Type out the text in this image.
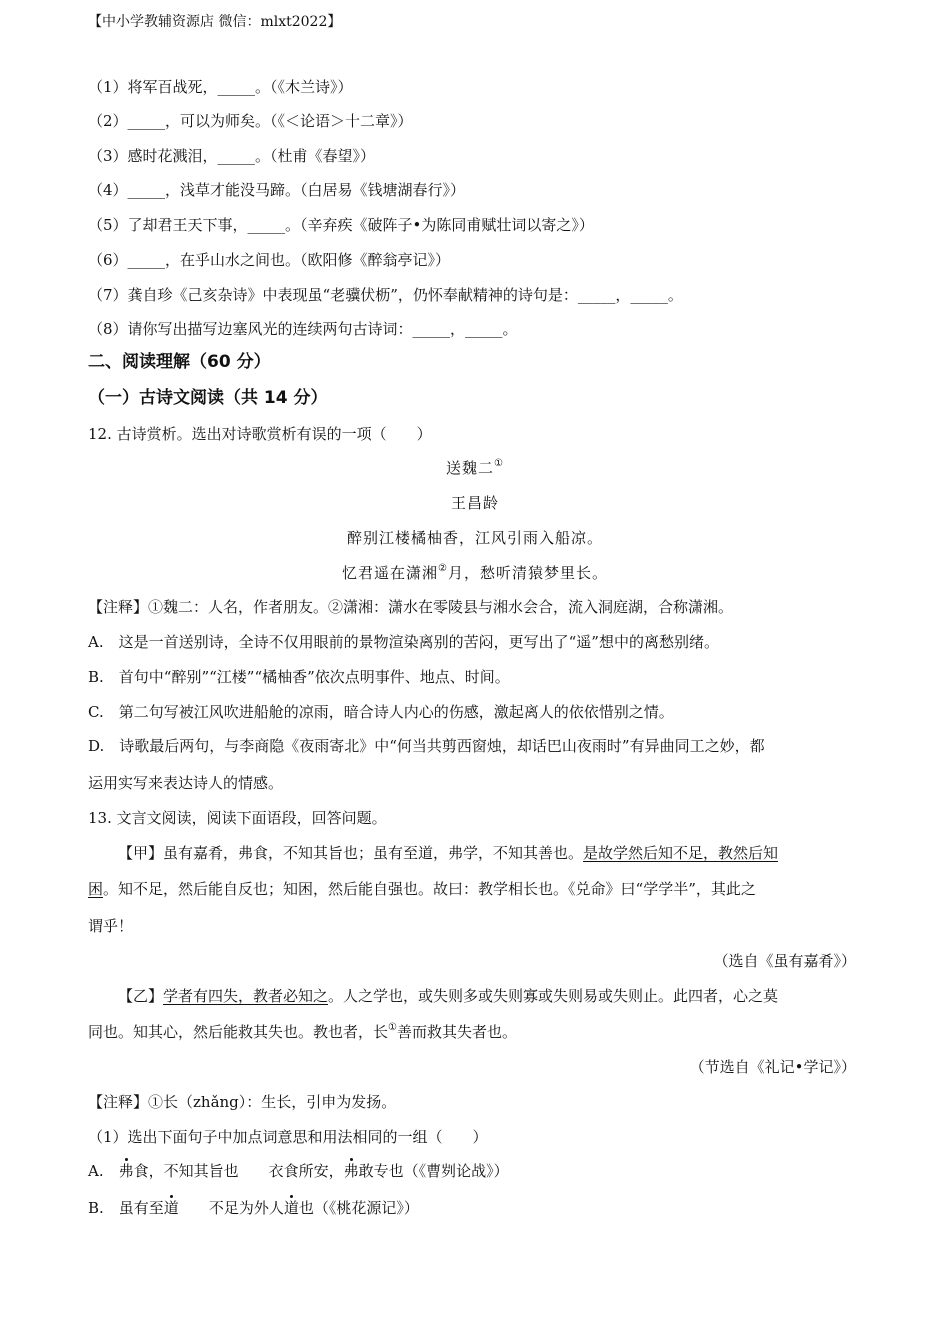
【中小学教辅资源店 微信：mlxt2022】
（1）将军百战死，_____。（《木兰诗》）
（2）_____，可以为师矣。（《＜论语＞十二章》）
（3）感时花溅泪，_____。（杜甫《春望》）
（4）_____，浅草才能没马蹄。（白居易《钱塘湖春行》）
（5）了却君王天下事，_____。（辛弃疾《破阵子•为陈同甫赋壮词以寄之》）
（6）_____，在乎山水之间也。（欧阳修《醉翁亭记》）
（7）龚自珍《己亥杂诗》中表现虽“老骥伏枥”，仍怀奉献精神的诗句是：_____，_____。
（8）请你写出描写边塞风光的连续两句古诗词：_____，_____。
二、阅读理解（60 分）
（一）古诗文阅读（共 14 分）
12. 古诗赏析。选出对诗歌赏析有误的一项（　　）
送魏二①
王昌龄
醉别江楼橘柚香，江风引雨入船凉。
忆君遥在潇湘②月，愁听清猿梦里长。
【注释】①魏二：人名，作者朋友。②潇湘：潇水在零陵县与湘水会合，流入洞庭湖，合称潇湘。
A.　这是一首送别诗，全诗不仅用眼前的景物渲染离别的苦闷，更写出了“遥”想中的离愁别绪。
B.　首句中“醉别”“江楼”“橘柚香”依次点明事件、地点、时间。
C.　第二句写被江风吹进船舱的凉雨，暗合诗人内心的伤感，激起离人的依依惜别之情。
D.　诗歌最后两句，与李商隐《夜雨寄北》中“何当共剪西窗烛，却话巴山夜雨时”有异曲同工之妙，都
运用实写来表达诗人的情感。
13. 文言文阅读，阅读下面语段，回答问题。
【甲】虽有嘉肴，弗食，不知其旨也；虽有至道，弗学，不知其善也。是故学然后知不足，教然后知
困。知不足，然后能自反也；知困，然后能自强也。故曰：教学相长也。《兑命》曰“学学半”，其此之
谓乎！
（选自《虽有嘉肴》）
【乙】学者有四失，教者必知之。人之学也，或失则多或失则寡或失则易或失则止。此四者，心之莫
同也。知其心，然后能救其失也。教也者，长①善而救其失者也。
（节选自《礼记•学记》）
【注释】①长（zhǎng）：生长，引申为发扬。
（1）选出下面句子中加点词意思和用法相同的一组（　　）
A.　弗食，不知其旨也　　衣食所安，弗敢专也（《曹刿论战》）
B.　虽有至道　　不足为外人道也（《桃花源记》）
